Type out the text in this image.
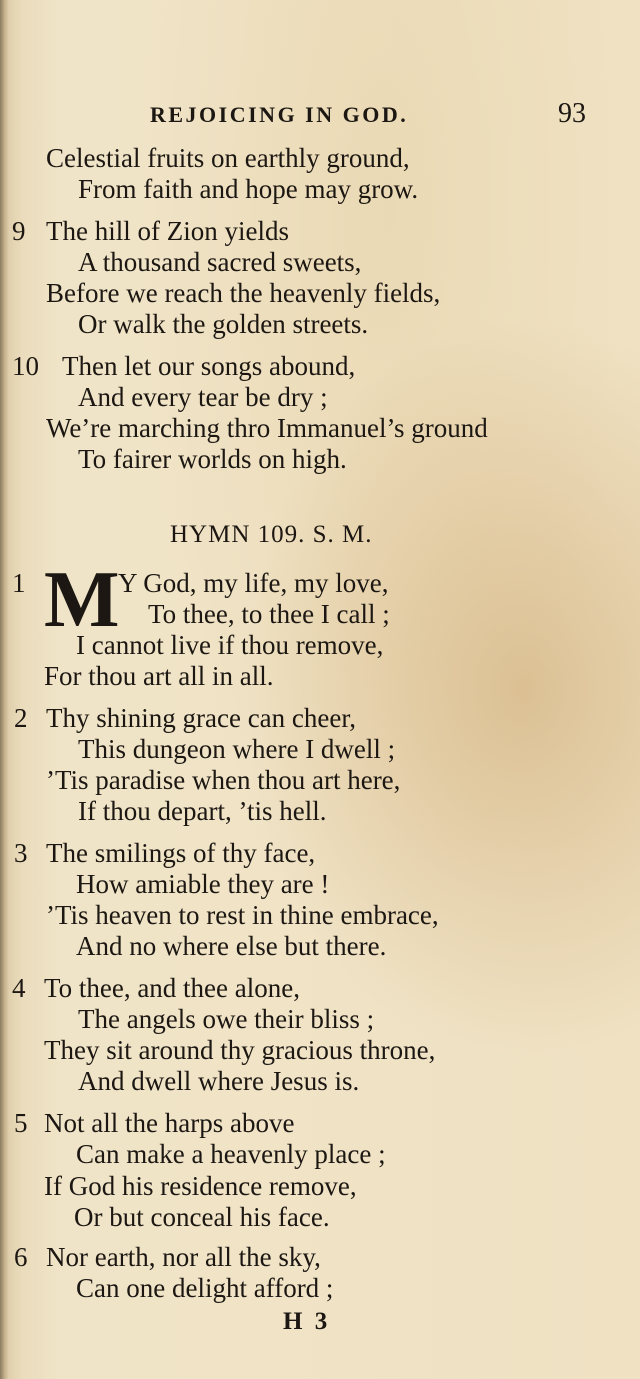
REJOICING IN GOD.	93
Celestial fruits on earthly ground,
From faith and hope may grow.
9 The hill of Zion yields
A thousand sacred sweets,
Before we reach the heavenly fields,
Or walk the golden streets.
10 Then let our songs abound,
And every tear be dry ;
We’re marching thro Immanuel’s ground
To fairer worlds on high.
HYMN 109. S. M.
1 M
Y God, my life, my love,
To thee, to thee I call ;
I cannot live if thou remove,
For thou art all in all.
2 Thy shining grace can cheer,
This dungeon where I dwell ;
’Tis paradise when thou art here,
If thou depart, ’tis hell.
3 The smilings of thy face,
How amiable they are !
’Tis heaven to rest in thine embrace,
And no where else but there.
4 To thee, and thee alone,
The angels owe their bliss ;
They sit around thy gracious throne,
And dwell where Jesus is.
5 Not all the harps above
Can make a heavenly place ;
If God his residence remove,
Or but conceal his face.
6 Nor earth, nor all the sky,
Can one delight afford ;
H 3
